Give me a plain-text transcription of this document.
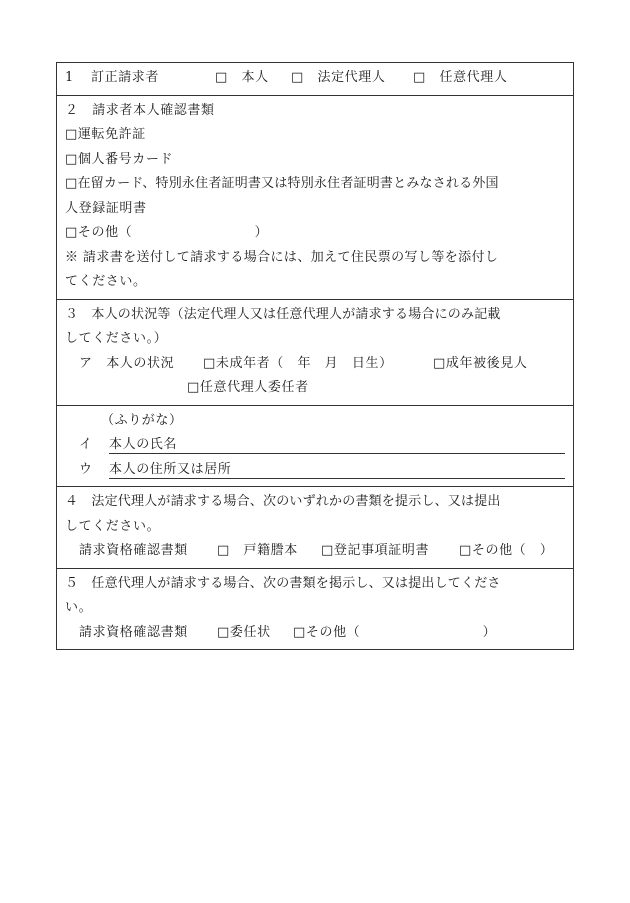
1 訂正請求者	□　本人 □　法定代理人 □　任意代理人
２　請求者本人確認書類
□運転免許証
□個人番号カード
□在留カード、特別永住者証明書又は特別永住者証明書とみなされる外国
人登録証明書
□その他（　　　　　　　　　）
※ 請求書を送付して請求する場合には、加えて住民票の写し等を添付し
てください。
３　本人の状況等（法定代理人又は任意代理人が請求する場合にのみ記載
してください。）
ア　本人の状況 □未成年者（　年　月　日生）	□成年被後見人
□任意代理人委任者
（ふりがな）
イ 本人の氏名
ウ 本人の住所又は居所
４　法定代理人が請求する場合、次のいずれかの書類を提示し、又は提出
してください。
請求資格確認書類 □　戸籍謄本 □登記事項証明書 □その他（　）
５　任意代理人が請求する場合、次の書類を掲示し、又は提出してくださ
い。
請求資格確認書類 □委任状 □その他（　　　　　　　　　）
